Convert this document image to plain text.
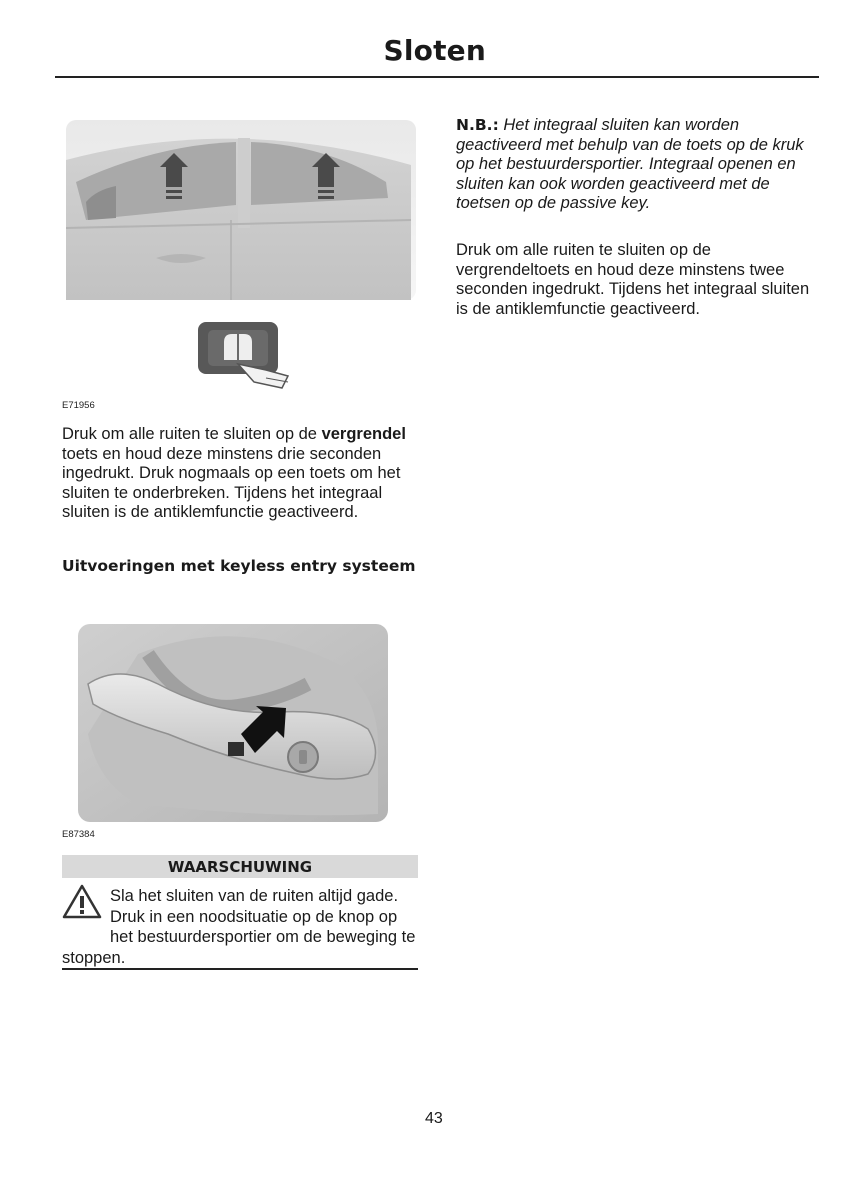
Sloten
E71956

Druk om alle ruiten te sluiten op de vergrendel toets en houd deze minstens drie seconden ingedrukt. Druk nogmaals op een toets om het sluiten te onderbreken. Tijdens het integraal sluiten is de antiklemfunctie geactiveerd.

Uitvoeringen met keyless entry systeem

E87384
WAARSCHUWING

Sla het sluiten van de ruiten altijd gade. Druk in een noodsituatie op de knop op het bestuurdersportier om de beweging te stoppen.

N.B.: Het integraal sluiten kan worden geactiveerd met behulp van de toets op de kruk op het bestuurdersportier. Integraal openen en sluiten kan ook worden geactiveerd met de toetsen op de passive key.

Druk om alle ruiten te sluiten op de vergrendeltoets en houd deze minstens twee seconden ingedrukt. Tijdens het integraal sluiten is de antiklemfunctie geactiveerd.

43
